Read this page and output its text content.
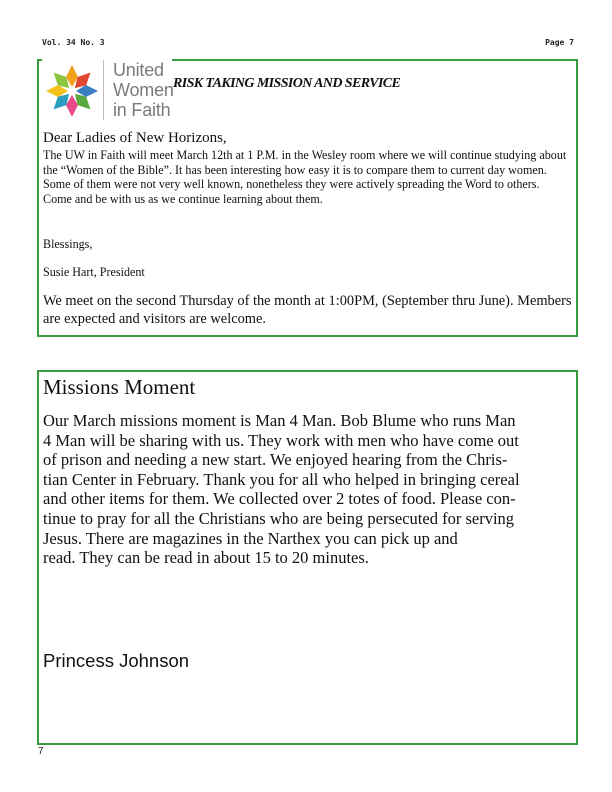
Vol. 34 No. 3	Page 7
United
Women
in Faith
RISK TAKING MISSION AND SERVICE
Dear Ladies of New Horizons,
The UW in Faith will meet March 12th at 1 P.M. in the Wesley room where we will continue studying about the “Women of the Bible”. It has been interesting how easy it is to compare them to current day women. Some of them were not very well known, nonetheless they were actively spreading the Word to others. Come and be with us as we continue learning about them.
Blessings,
Susie Hart, President
We meet on the second Thursday of the month at 1:00PM, (September thru June). Members are expected and visitors are welcome.
Missions Moment
Our March missions moment is Man 4 Man. Bob Blume who runs Man
4 Man will be sharing with us. They work with men who have come out
of prison and needing a new start. We enjoyed hearing from the Chris-
tian Center in February. Thank you for all who helped in bringing cereal
and other items for them. We collected over 2 totes of food. Please con-
tinue to pray for all the Christians who are being persecuted for serving
Jesus. There are magazines in the Narthex you can pick up and
read. They can be read in about 15 to 20 minutes.
Princess Johnson
7
